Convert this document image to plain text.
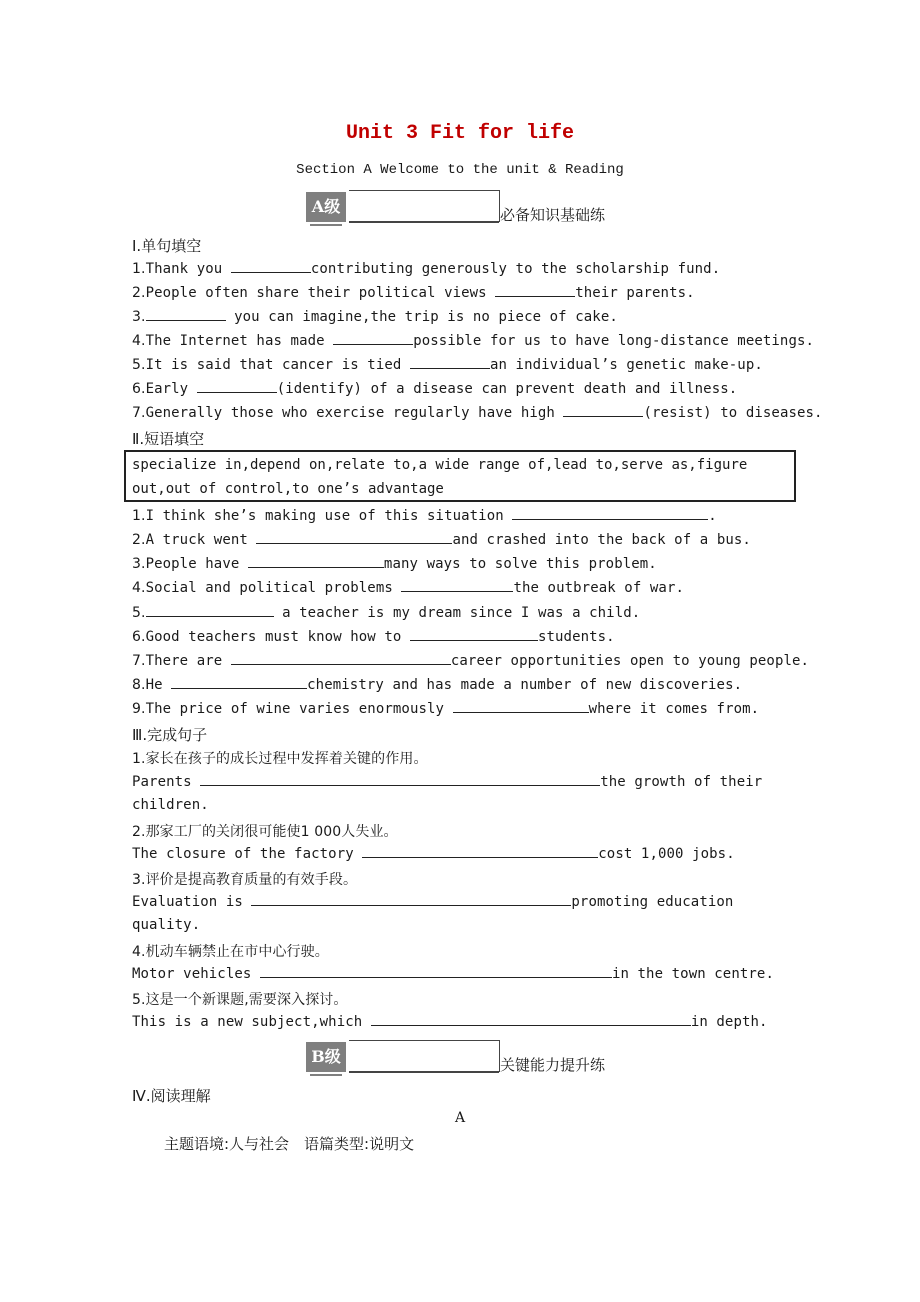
Unit 3 Fit for life
Section A Welcome to the unit & Reading
A级	必备知识基础练
Ⅰ.单句填空
1.Thank you	contributing generously to the scholarship fund.
2.People often share their political views	their parents.
3.	you can imagine,the trip is no piece of cake.
4.The Internet has made	possible for us to have long-distance meetings.
5.It is said that cancer is tied	an individual’s genetic make-up.
6.Early	(identify) of a disease can prevent death and illness.
7.Generally those who exercise regularly have high	(resist) to diseases.
Ⅱ.短语填空
specialize in,depend on,relate to,a wide range of,lead to,serve as,figure out,out of control,to one’s advantage
1.I think she’s making use of this situation	.
2.A truck went	and crashed into the back of a bus.
3.People have	many ways to solve this problem.
4.Social and political problems	the outbreak of war.
5.	a teacher is my dream since I was a child.
6.Good teachers must know how to	students.
7.There are	career opportunities open to young people.
8.He	chemistry and has made a number of new discoveries.
9.The price of wine varies enormously	where it comes from.
Ⅲ.完成句子
1.家长在孩子的成长过程中发挥着关键的作用。
Parents	the growth of their
children.
2.那家工厂的关闭很可能使1 000人失业。
The closure of the factory	cost 1,000 jobs.
3.评价是提高教育质量的有效手段。
Evaluation is	promoting education
quality.
4.机动车辆禁止在市中心行驶。
Motor vehicles	in the town centre.
5.这是一个新课题,需要深入探讨。
This is a new subject,which	in depth.
B级	关键能力提升练
Ⅳ.阅读理解
A
主题语境:人与社会　语篇类型:说明文
